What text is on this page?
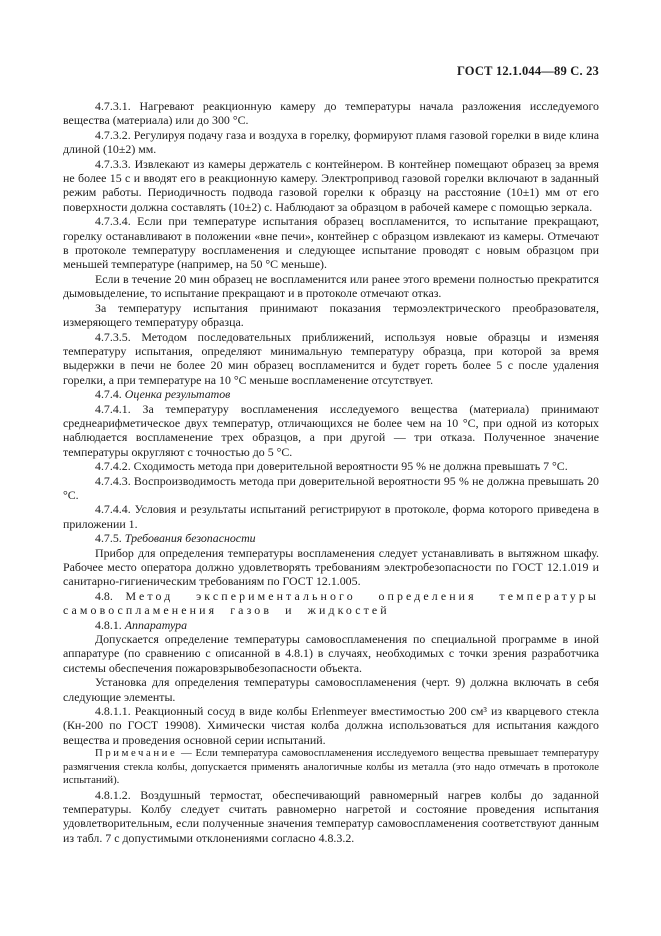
ГОСТ 12.1.044—89 С. 23

4.7.3.1. Нагревают реакционную камеру до температуры начала разложения исследуемого вещества (материала) или до 300 °С.

4.7.3.2. Регулируя подачу газа и воздуха в горелку, формируют пламя газовой горелки в виде клина длиной (10±2) мм.

4.7.3.3. Извлекают из камеры держатель с контейнером. В контейнер помещают образец за время не более 15 с и вводят его в реакционную камеру. Электропривод газовой горелки включают в заданный режим работы. Периодичность подвода газовой горелки к образцу на расстояние (10±1) мм от его поверхности должна составлять (10±2) с. Наблюдают за образцом в рабочей камере с помощью зеркала.

4.7.3.4. Если при температуре испытания образец воспламенится, то испытание прекращают, горелку останавливают в положении «вне печи», контейнер с образцом извлекают из камеры. Отмечают в протоколе температуру воспламенения и следующее испытание проводят с новым образцом при меньшей температуре (например, на 50 °С меньше).

Если в течение 20 мин образец не воспламенится или ранее этого времени полностью прекратится дымовыделение, то испытание прекращают и в протоколе отмечают отказ.

За температуру испытания принимают показания термоэлектрического преобразователя, измеряющего температуру образца.

4.7.3.5. Методом последовательных приближений, используя новые образцы и изменяя температуру испытания, определяют минимальную температуру образца, при которой за время выдержки в печи не более 20 мин образец воспламенится и будет гореть более 5 с после удаления горелки, а при температуре на 10 °С меньше воспламенение отсутствует.

4.7.4. Оценка результатов

4.7.4.1. За температуру воспламенения исследуемого вещества (материала) принимают среднеарифметическое двух температур, отличающихся не более чем на 10 °С, при одной из которых наблюдается воспламенение трех образцов, а при другой — три отказа. Полученное значение температуры округляют с точностью до 5 °С.

4.7.4.2. Сходимость метода при доверительной вероятности 95 % не должна превышать 7 °С.

4.7.4.3. Воспроизводимость метода при доверительной вероятности 95 % не должна превышать 20 °С.

4.7.4.4. Условия и результаты испытаний регистрируют в протоколе, форма которого приведена в приложении 1.

4.7.5. Требования безопасности

Прибор для определения температуры воспламенения следует устанавливать в вытяжном шкафу. Рабочее место оператора должно удовлетворять требованиям электробезопасности по ГОСТ 12.1.019 и санитарно-гигиеническим требованиям по ГОСТ 12.1.005.

4.8. Метод экспериментального определения температуры самовоспламенения газов и жидкостей

4.8.1. Аппаратура

Допускается определение температуры самовоспламенения по специальной программе в иной аппаратуре (по сравнению с описанной в 4.8.1) в случаях, необходимых с точки зрения разработчика системы обеспечения пожаровзрывобезопасности объекта.

Установка для определения температуры самовоспламенения (черт. 9) должна включать в себя следующие элементы.

4.8.1.1. Реакционный сосуд в виде колбы Erlenmeyer вместимостью 200 см³ из кварцевого стекла (Кн-200 по ГОСТ 19908). Химически чистая колба должна использоваться для испытания каждого вещества и проведения основной серии испытаний.

Примечание — Если температура самовоспламенения исследуемого вещества превышает температуру размягчения стекла колбы, допускается применять аналогичные колбы из металла (это надо отмечать в протоколе испытаний).

4.8.1.2. Воздушный термостат, обеспечивающий равномерный нагрев колбы до заданной температуры. Колбу следует считать равномерно нагретой и состояние проведения испытания удовлетворительным, если полученные значения температур самовоспламенения соответствуют данным из табл. 7 с допустимыми отклонениями согласно 4.8.3.2.
